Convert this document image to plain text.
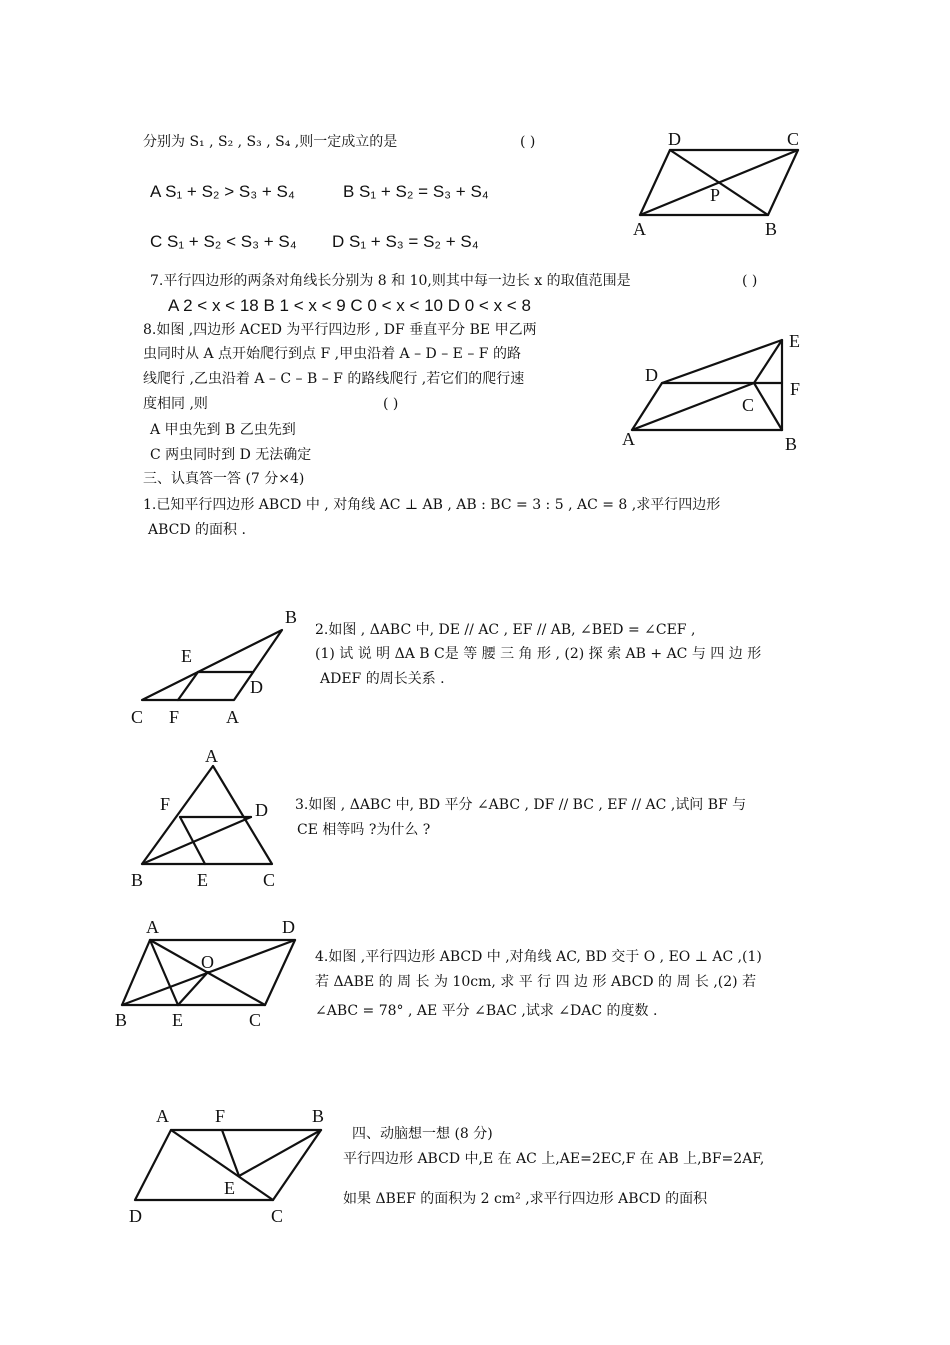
分别为 S₁ , S₂ , S₃ , S₄ ,则一定成立的是	( )
A S₁ + S₂ > S₃ + S₄	B S₁ + S₂ = S₃ + S₄
C S₁ + S₂ < S₃ + S₄ D S₁ + S₃ = S₂ + S₄
A	B
C
D
P
7.平行四边形的两条对角线长分别为 8 和 10,则其中每一边长 x 的取值范围是	( )
A 2 < x < 18 B 1 < x < 9 C 0 < x < 10 D 0 < x < 8
8.如图 ,四边形 ACED 为平行四边形 , DF 垂直平分 BE 甲乙两
虫同时从 A 点开始爬行到点 F ,甲虫沿着 A – D – E – F 的路
线爬行 ,乙虫沿着 A – C – B – F 的路线爬行 ,若它们的爬行速
度相同 ,则	( )
A 甲虫先到 B 乙虫先到
C 两虫同时到 D 无法确定
A	B
C
D
E
F
三、认真答一答 (7 分×4)
1.已知平行四边形 ABCD 中 , 对角线 AC ⊥ AB , AB : BC = 3 : 5 , AC = 8 ,求平行四边形
ABCD 的面积 .
C F	A
D
E
B
2.如图 , ΔABC 中, DE // AC , EF // AB, ∠BED = ∠CEF ,
(1) 试 说 明 ΔA B C是 等 腰 三 角 形 , (2) 探 索 AB + AC 与 四 边 形
ADEF 的周长关系 .
A
F	D
B	E	C
3.如图 , ΔABC 中, BD 平分 ∠ABC , DF // BC , EF // AC ,试问 BF 与
CE 相等吗 ?为什么 ?
A	D
O
B E	C
4.如图 ,平行四边形 ABCD 中 ,对角线 AC, BD 交于 O , EO ⊥ AC ,(1)
若 ΔABE 的 周 长 为 10cm, 求 平 行 四 边 形 ABCD 的 周 长 ,(2) 若
∠ABC = 78° , AE 平分 ∠BAC ,试求 ∠DAC 的度数 .
A	F	B
E
D	C
四、动脑想一想 (8 分)
平行四边形 ABCD 中,E 在 AC 上,AE=2EC,F 在 AB 上,BF=2AF,
如果 ΔBEF 的面积为 2 cm² ,求平行四边形 ABCD 的面积
